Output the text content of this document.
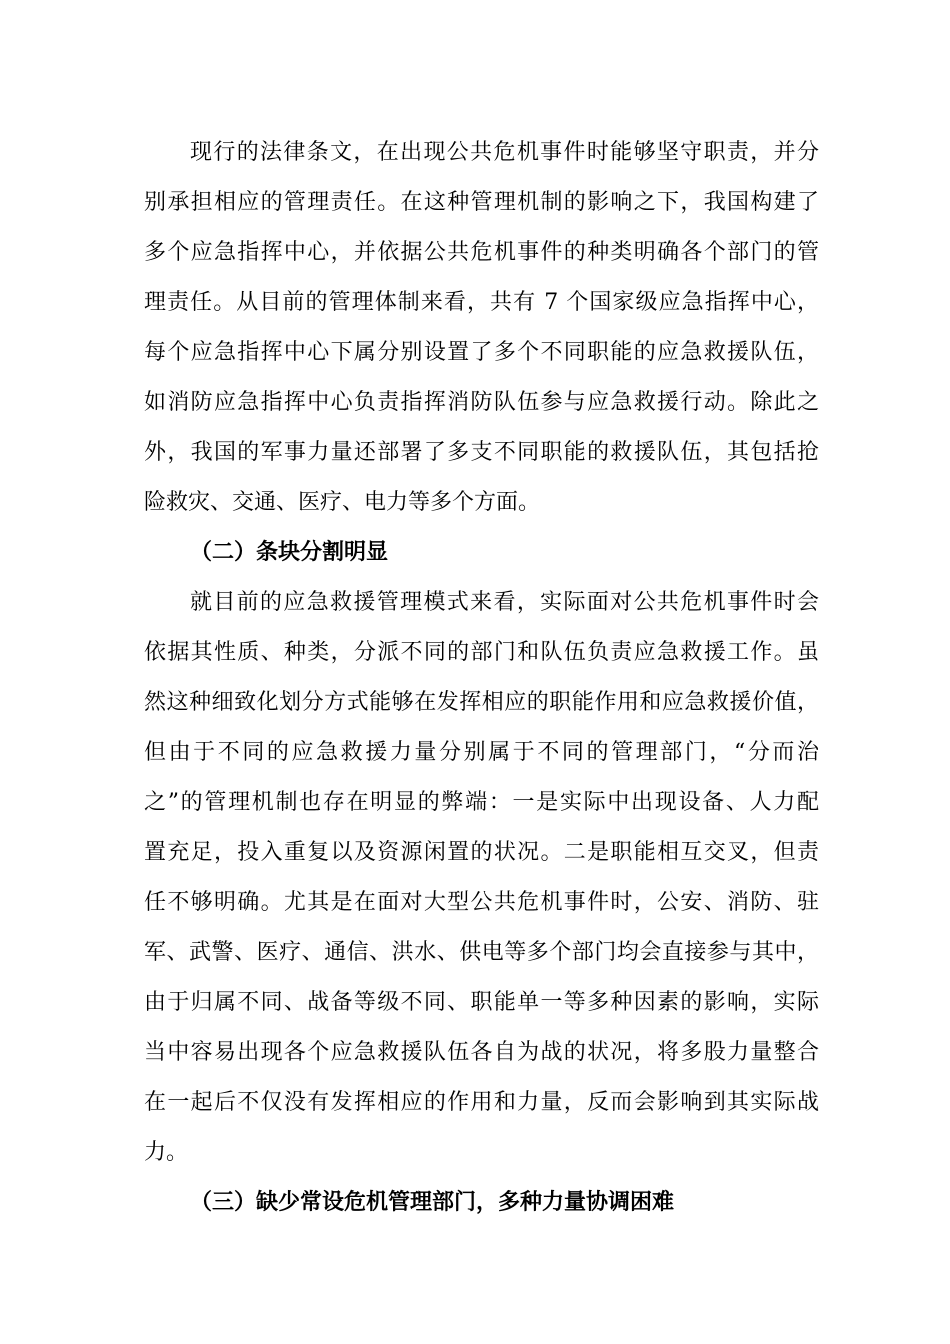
现行的法律条文，在出现公共危机事件时能够坚守职责，并分
别承担相应的管理责任。在这种管理机制的影响之下，我国构建了
多个应急指挥中心，并依据公共危机事件的种类明确各个部门的管
理责任。从目前的管理体制来看，共有 7 个国家级应急指挥中心，
每个应急指挥中心下属分别设置了多个不同职能的应急救援队伍，
如消防应急指挥中心负责指挥消防队伍参与应急救援行动。除此之
外，我国的军事力量还部署了多支不同职能的救援队伍，其包括抢
险救灾、交通、医疗、电力等多个方面。
（二）条块分割明显
就目前的应急救援管理模式来看，实际面对公共危机事件时会
依据其性质、种类，分派不同的部门和队伍负责应急救援工作。虽
然这种细致化划分方式能够在发挥相应的职能作用和应急救援价值，
但由于不同的应急救援力量分别属于不同的管理部门，“分而治
之”的管理机制也存在明显的弊端：一是实际中出现设备、人力配
置充足，投入重复以及资源闲置的状况。二是职能相互交叉，但责
任不够明确。尤其是在面对大型公共危机事件时，公安、消防、驻
军、武警、医疗、通信、洪水、供电等多个部门均会直接参与其中，
由于归属不同、战备等级不同、职能单一等多种因素的影响，实际
当中容易出现各个应急救援队伍各自为战的状况，将多股力量整合
在一起后不仅没有发挥相应的作用和力量，反而会影响到其实际战
力。
（三）缺少常设危机管理部门，多种力量协调困难
